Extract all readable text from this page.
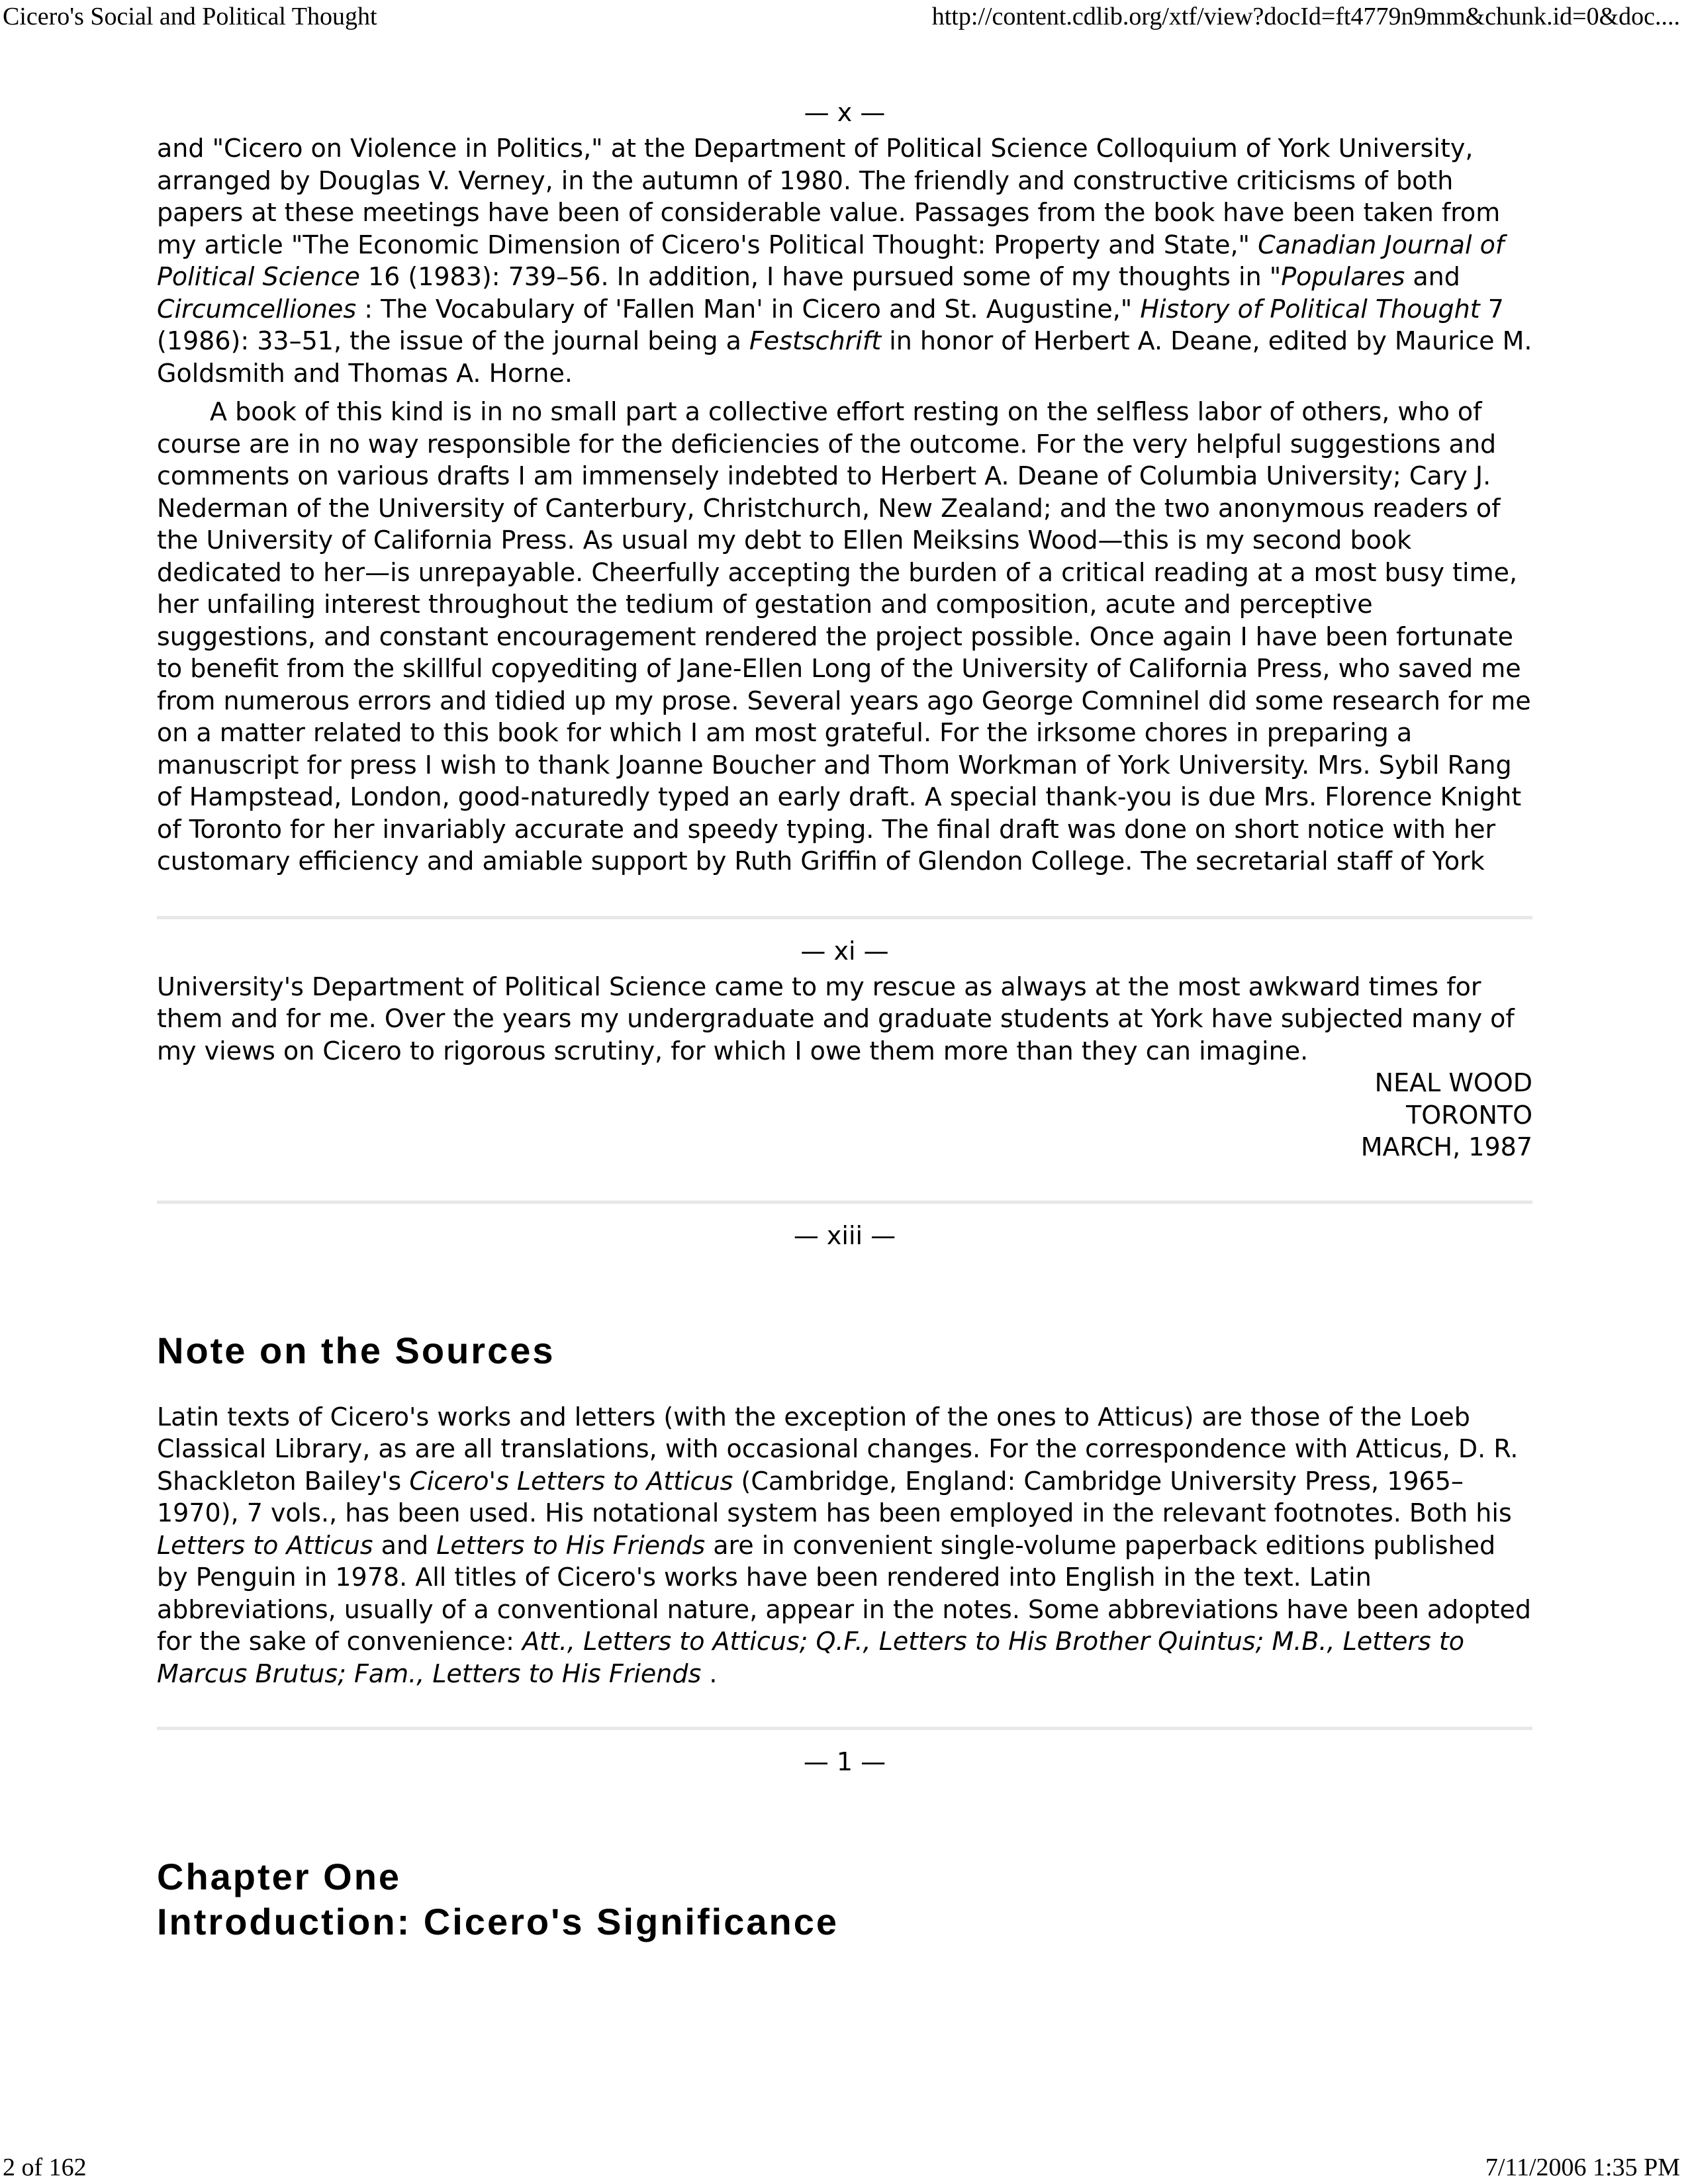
Cicero's Social and Political Thought	http://content.cdlib.org/xtf/view?docId=ft4779n9mm&chunk.id=0&doc....
— x —

and "Cicero on Violence in Politics," at the Department of Political Science Colloquium of York University, arranged by Douglas V. Verney, in the autumn of 1980. The friendly and constructive criticisms of both papers at these meetings have been of considerable value. Passages from the book have been taken from my article "The Economic Dimension of Cicero's Political Thought: Property and State," Canadian Journal of Political Science 16 (1983): 739–56. In addition, I have pursued some of my thoughts in "Populares and Circumcelliones : The Vocabulary of 'Fallen Man' in Cicero and St. Augustine," History of Political Thought 7 (1986): 33–51, the issue of the journal being a Festschrift in honor of Herbert A. Deane, edited by Maurice M. Goldsmith and Thomas A. Horne.

A book of this kind is in no small part a collective effort resting on the selfless labor of others, who of course are in no way responsible for the deficiencies of the outcome. For the very helpful suggestions and comments on various drafts I am immensely indebted to Herbert A. Deane of Columbia University; Cary J. Nederman of the University of Canterbury, Christchurch, New Zealand; and the two anonymous readers of the University of California Press. As usual my debt to Ellen Meiksins Wood—this is my second book dedicated to her—is unrepayable. Cheerfully accepting the burden of a critical reading at a most busy time, her unfailing interest throughout the tedium of gestation and composition, acute and perceptive suggestions, and constant encouragement rendered the project possible. Once again I have been fortunate to benefit from the skillful copyediting of Jane-Ellen Long of the University of California Press, who saved me from numerous errors and tidied up my prose. Several years ago George Comninel did some research for me on a matter related to this book for which I am most grateful. For the irksome chores in preparing a manuscript for press I wish to thank Joanne Boucher and Thom Workman of York University. Mrs. Sybil Rang of Hampstead, London, good-naturedly typed an early draft. A special thank-you is due Mrs. Florence Knight of Toronto for her invariably accurate and speedy typing. The final draft was done on short notice with her customary efficiency and amiable support by Ruth Griffin of Glendon College. The secretarial staff of York

— xi —

University's Department of Political Science came to my rescue as always at the most awkward times for them and for me. Over the years my undergraduate and graduate students at York have subjected many of my views on Cicero to rigorous scrutiny, for which I owe them more than they can imagine.

NEAL WOOD
TORONTO
MARCH, 1987
— xiii —
Note on the Sources

Latin texts of Cicero's works and letters (with the exception of the ones to Atticus) are those of the Loeb Classical Library, as are all translations, with occasional changes. For the correspondence with Atticus, D. R. Shackleton Bailey's Cicero's Letters to Atticus (Cambridge, England: Cambridge University Press, 1965–1970), 7 vols., has been used. His notational system has been employed in the relevant footnotes. Both his Letters to Atticus and Letters to His Friends are in convenient single-volume paperback editions published by Penguin in 1978. All titles of Cicero's works have been rendered into English in the text. Latin abbreviations, usually of a conventional nature, appear in the notes. Some abbreviations have been adopted for the sake of convenience: Att., Letters to Atticus; Q.F., Letters to His Brother Quintus; M.B., Letters to Marcus Brutus; Fam., Letters to His Friends .

— 1 —
Chapter One
Introduction: Cicero's Significance
2 of 162	7/11/2006 1:35 PM
